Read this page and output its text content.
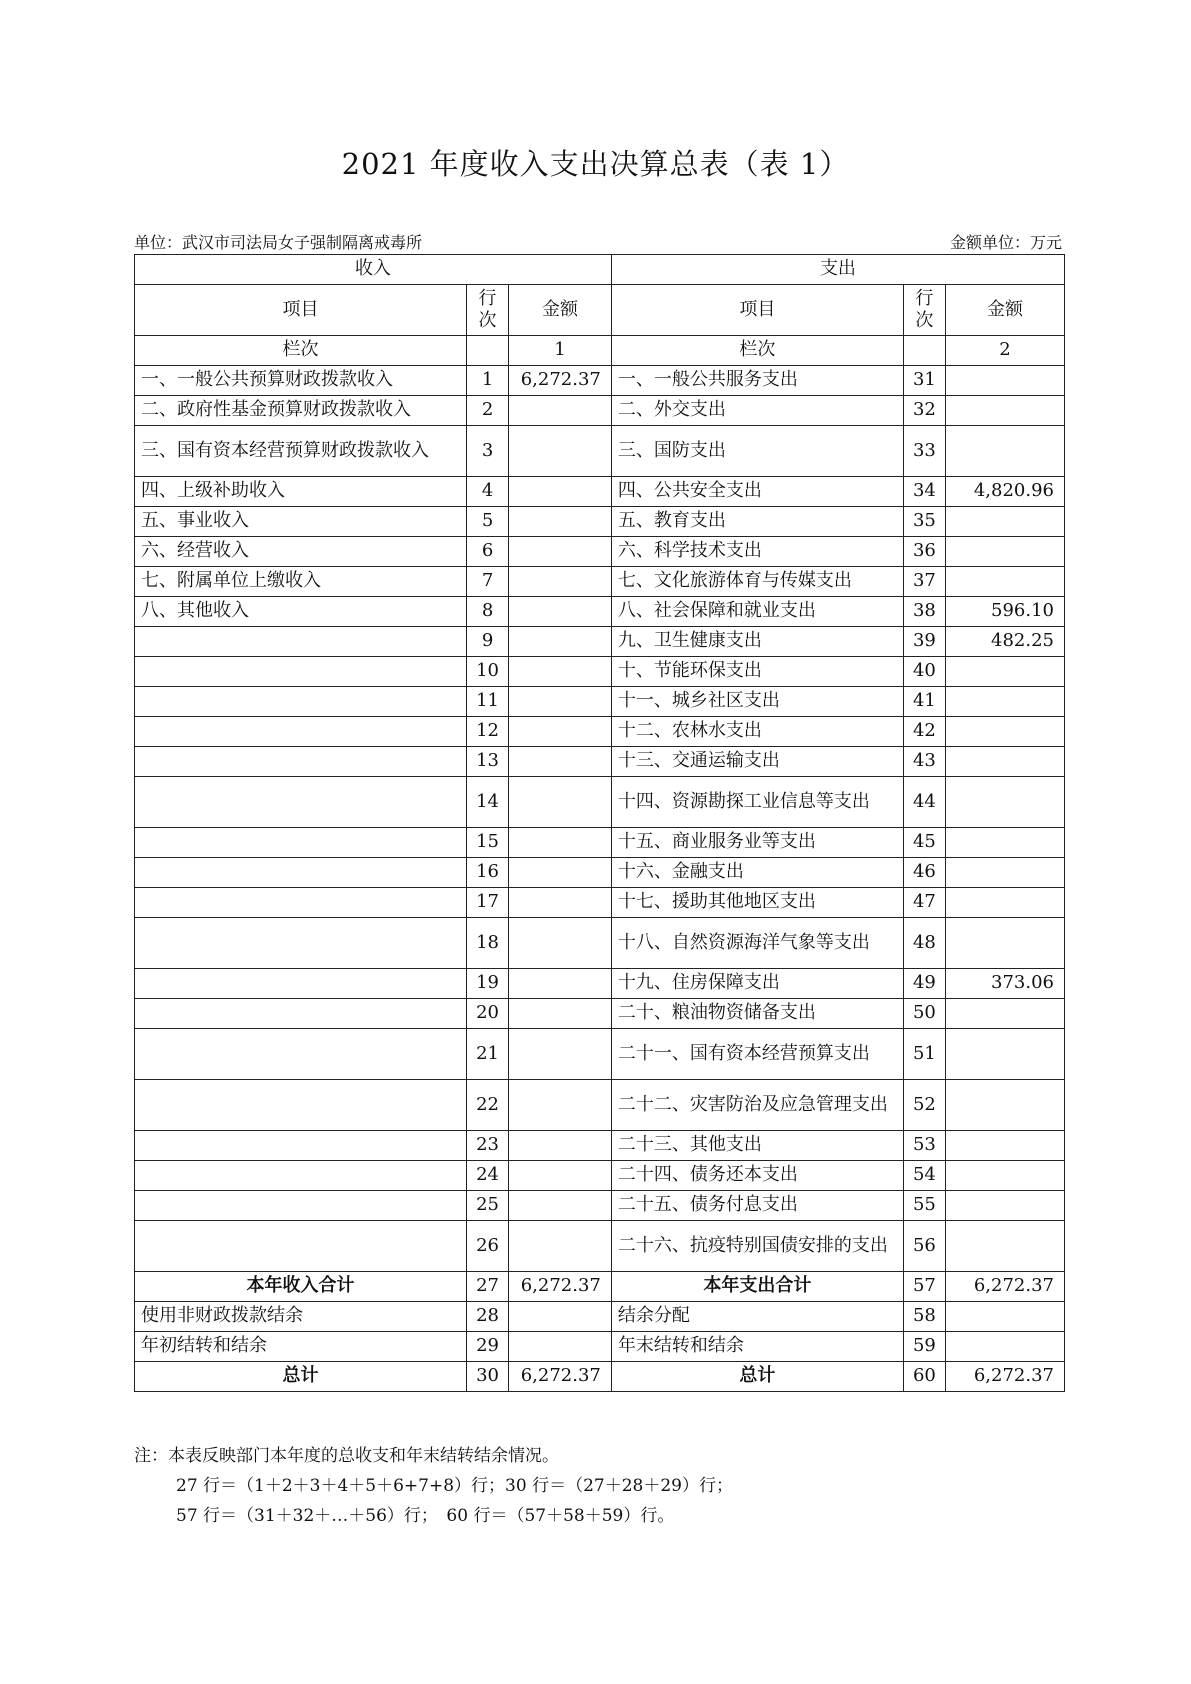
2021 年度收入支出决算总表（表 1）
单位：武汉市司法局女子强制隔离戒毒所	金额单位：万元
收入			支出		
项目	行次	金额	项目	行次	金额
栏次		1	栏次		2
一、一般公共预算财政拨款收入	1	6,272.37	一、一般公共服务支出	31	
二、政府性基金预算财政拨款收入	2		二、外交支出	32	
三、国有资本经营预算财政拨款收入	3		三、国防支出	33	
四、上级补助收入	4		四、公共安全支出	34	4,820.96
五、事业收入	5		五、教育支出	35	
六、经营收入	6		六、科学技术支出	36	
七、附属单位上缴收入	7		七、文化旅游体育与传媒支出	37	
八、其他收入	8		八、社会保障和就业支出	38	596.10
	9		九、卫生健康支出	39	482.25
	10		十、节能环保支出	40	
	11		十一、城乡社区支出	41	
	12		十二、农林水支出	42	
	13		十三、交通运输支出	43	
	14		十四、资源勘探工业信息等支出	44	
	15		十五、商业服务业等支出	45	
	16		十六、金融支出	46	
	17		十七、援助其他地区支出	47	
	18		十八、自然资源海洋气象等支出	48	
	19		十九、住房保障支出	49	373.06
	20		二十、粮油物资储备支出	50	
	21		二十一、国有资本经营预算支出	51	
	22		二十二、灾害防治及应急管理支出	52	
	23		二十三、其他支出	53	
	24		二十四、债务还本支出	54	
	25		二十五、债务付息支出	55	
	26		二十六、抗疫特别国债安排的支出	56	
本年收入合计	27	6,272.37	本年支出合计	57	6,272.37
使用非财政拨款结余	28		结余分配	58	
年初结转和结余	29		年末结转和结余	59	
总计	30	6,272.37	总计	60	6,272.37
注：本表反映部门本年度的总收支和年末结转结余情况。
27 行＝（1＋2＋3＋4＋5＋6+7+8）行；30 行＝（27＋28＋29）行；
57 行＝（31＋32＋…＋56）行；　60 行＝（57＋58＋59）行。
